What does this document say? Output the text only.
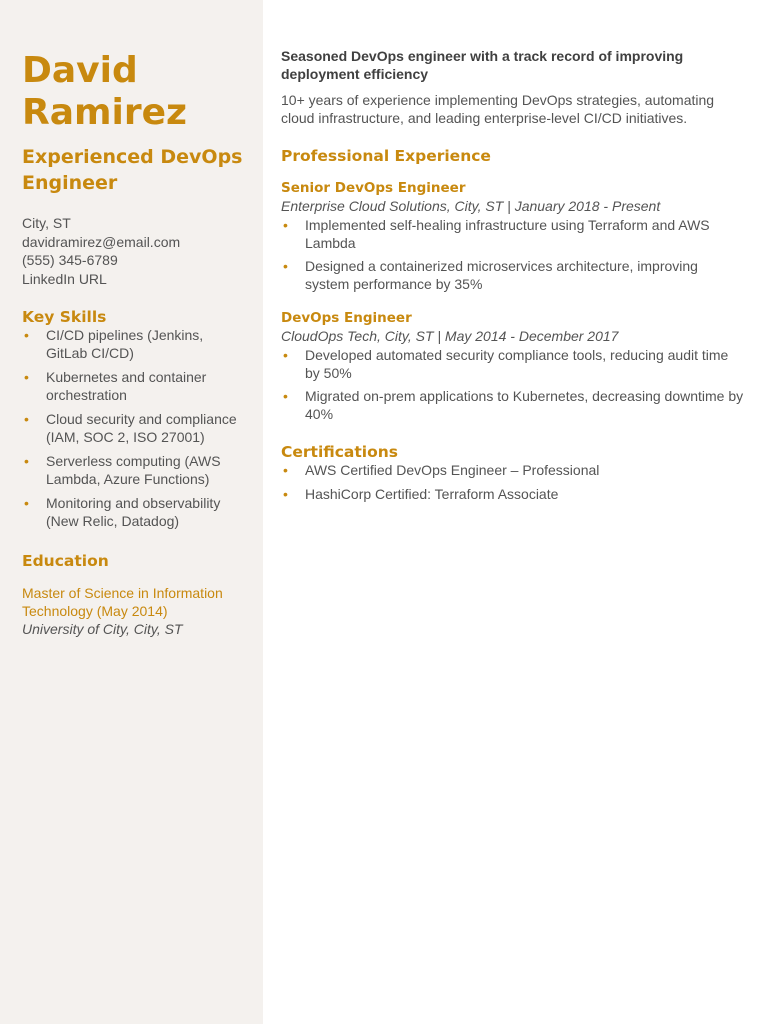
David
Ramirez
Experienced DevOps Engineer
City, ST
davidramirez@email.com
(555) 345-6789
LinkedIn URL
Key Skills
• CI/CD pipelines (Jenkins, GitLab CI/CD)
• Kubernetes and container orchestration
• Cloud security and compliance (IAM, SOC 2, ISO 27001)
• Serverless computing (AWS Lambda, Azure Functions)
• Monitoring and observability (New Relic, Datadog)
Education
Master of Science in Information Technology (May 2014)
University of City, City, ST

Seasoned DevOps engineer with a track record of improving deployment efficiency

10+ years of experience implementing DevOps strategies, automating cloud infrastructure, and leading enterprise-level CI/CD initiatives.

Professional Experience

Senior DevOps Engineer

Enterprise Cloud Solutions, City, ST | January 2018 - Present

• Implemented self-healing infrastructure using Terraform and AWS Lambda
• Designed a containerized microservices architecture, improving system performance by 35%

DevOps Engineer

CloudOps Tech, City, ST | May 2014 - December 2017

• Developed automated security compliance tools, reducing audit time by 50%
• Migrated on-prem applications to Kubernetes, decreasing downtime by 40%
Certifications
• AWS Certified DevOps Engineer – Professional
• HashiCorp Certified: Terraform Associate
